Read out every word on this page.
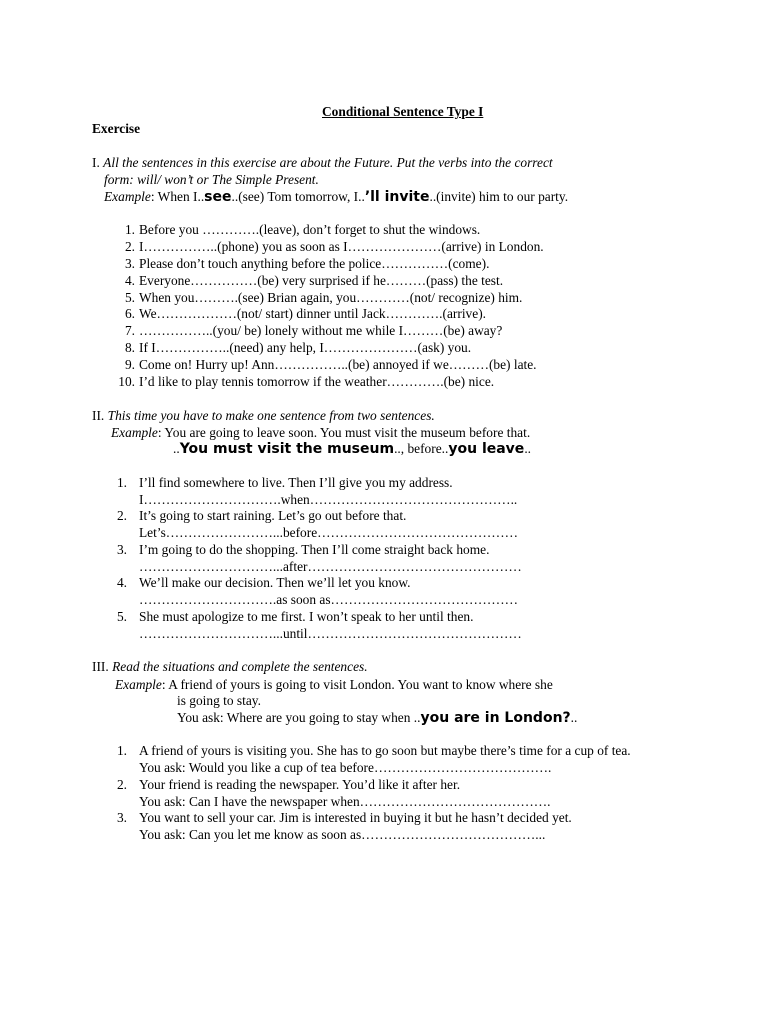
Conditional Sentence Type I
Exercise
I. All the sentences in this exercise are about the Future. Put the verbs into the correct
form: will/ won’t or The Simple Present.
Example: When I..see..(see) Tom tomorrow, I..’ll invite..(invite) him to our party.
1. Before you ………….(leave), don’t forget to shut the windows.
2. I……………..(phone) you as soon as I…………………(arrive) in London.
3. Please don’t touch anything before the police……………(come).
4. Everyone……………(be) very surprised if he………(pass) the test.
5. When you……….(see) Brian again, you…………(not/ recognize) him.
6. We………………(not/ start) dinner until Jack………….(arrive).
7. ……………..(you/ be) lonely without me while I………(be) away?
8. If I……………..(need) any help, I…………………(ask) you.
9. Come on! Hurry up! Ann……………..(be) annoyed if we………(be) late.
10. I’d like to play tennis tomorrow if the weather………….(be) nice.
II. This time you have to make one sentence from two sentences.
Example: You are going to leave soon. You must visit the museum before that.
..You must visit the museum.., before..you leave..
1. I’ll find somewhere to live. Then I’ll give you my address.
I………………………….when………………………………………..
2. It’s going to start raining. Let’s go out before that.
Let’s……………………...before………………………………………
3. I’m going to do the shopping. Then I’ll come straight back home.
…………………………...after…………………………………………
4. We’ll make our decision. Then we’ll let you know.
………………………….as soon as……………………………………
5. She must apologize to me first. I won’t speak to her until then.
…………………………...until…………………………………………
III. Read the situations and complete the sentences.
Example: A friend of yours is going to visit London. You want to know where she
is going to stay.
You ask: Where are you going to stay when ..you are in London?..
1. A friend of yours is visiting you. She has to go soon but maybe there’s time for a cup of tea.
You ask: Would you like a cup of tea before………………………………….
2. Your friend is reading the newspaper. You’d like it after her.
You ask: Can I have the newspaper when…………………………………….
3. You want to sell your car. Jim is interested in buying it but he hasn’t decided yet.
You ask: Can you let me know as soon as…………………………………...
